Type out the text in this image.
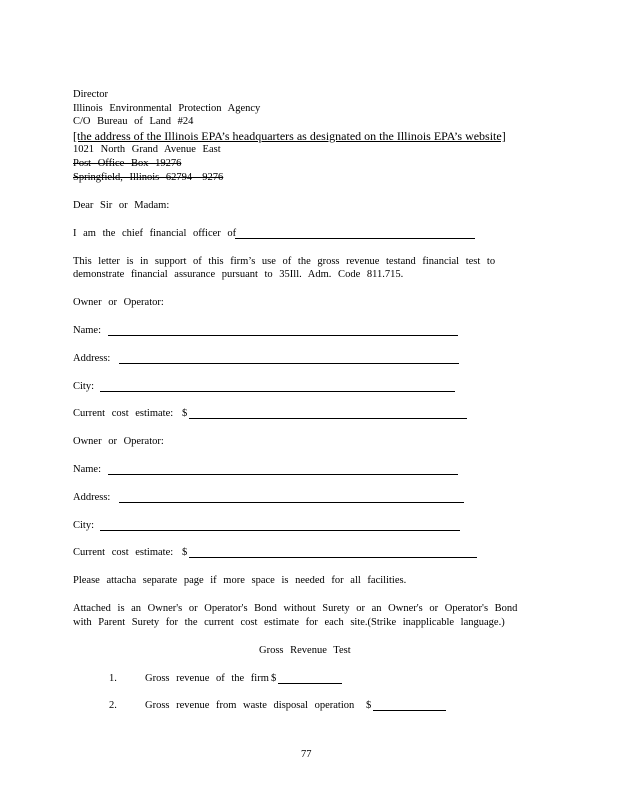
Director
Illinois Environmental Protection Agency
C/O Bureau of Land #24
[the address of the Illinois EPA’s headquarters as designated on the Illinois EPA’s website]
1021 North Grand Avenue East
Post Office Box 19276
Springfield, Illinois 62794- 9276
Dear Sir or Madam:
I am the chief financial officer of
This letter is in support of this firm’s use of the gross revenue testand financial test to
demonstrate financial assurance pursuant to 35Ill. Adm. Code 811.715.
Owner or Operator:
Name:
Address:
City:
Current cost estimate: $
Owner or Operator:
Name:
Address:
City:
Current cost estimate: $
Please attacha separate page if more space is needed for all facilities.
Attached is an Owner's or Operator's Bond without Surety or an Owner's or Operator's Bond
with Parent Surety for the current cost estimate for each site.(Strike inapplicable language.)
Gross Revenue Test
1.	Gross revenue of the firm $
2.	Gross revenue from waste disposal operation $
77
